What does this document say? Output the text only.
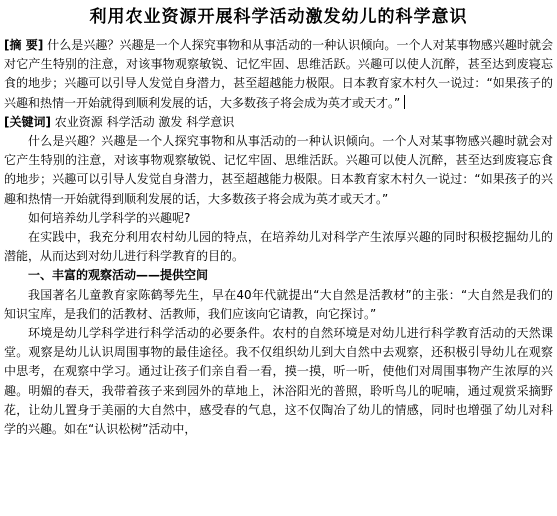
利用农业资源开展科学活动激发幼儿的科学意识
[摘 要] 什么是兴趣？兴趣是一个人探究事物和从事活动的一种认识倾向。一个人对某事物感兴趣时就会对它产生特别的注意，对该事物观察敏锐、记忆牢固、思维活跃。兴趣可以使人沉醉，甚至达到废寝忘食的地步；兴趣可以引导人发觉自身潜力，甚至超越能力极限。日本教育家木村久一说过：“如果孩子的兴趣和热情一开始就得到顺利发展的话，大多数孩子将会成为英才或天才。”
[关键词] 农业资源 科学活动 激发 科学意识
什么是兴趣？兴趣是一个人探究事物和从事活动的一种认识倾向。一个人对某事物感兴趣时就会对它产生特别的注意，对该事物观察敏锐、记忆牢固、思维活跃。兴趣可以使人沉醉，甚至达到废寝忘食的地步；兴趣可以引导人发觉自身潜力，甚至超越能力极限。日本教育家木村久一说过：“如果孩子的兴趣和热情一开始就得到顺利发展的话，大多数孩子将会成为英才或天才。”
如何培养幼儿学科学的兴趣呢?
在实践中，我充分利用农村幼儿园的特点，在培养幼儿对科学产生浓厚兴趣的同时积极挖掘幼儿的潜能，从而达到对幼儿进行科学教育的目的。
一、丰富的观察活动——提供空间
我国著名儿童教育家陈鹤琴先生，早在40年代就提出“大自然是活教材”的主张：“大自然是我们的知识宝库，是我们的活教材、活教师，我们应该向它请教，向它探讨。”
环境是幼儿学科学进行科学活动的必要条件。农村的自然环境是对幼儿进行科学教育活动的天然课堂。观察是幼儿认识周围事物的最佳途径。我不仅组织幼儿到大自然中去观察，还积极引导幼儿在观察中思考，在观察中学习。通过让孩子们亲自看一看，摸一摸，听一听，使他们对周围事物产生浓厚的兴趣。明媚的春天，我带着孩子来到园外的草地上，沐浴阳光的普照，聆听鸟儿的呢喃，通过观赏采摘野花，让幼儿置身于美丽的大自然中，感受春的气息，这不仅陶冶了幼儿的情感，同时也增强了幼儿对科学的兴趣。如在“认识松树”活动中，
